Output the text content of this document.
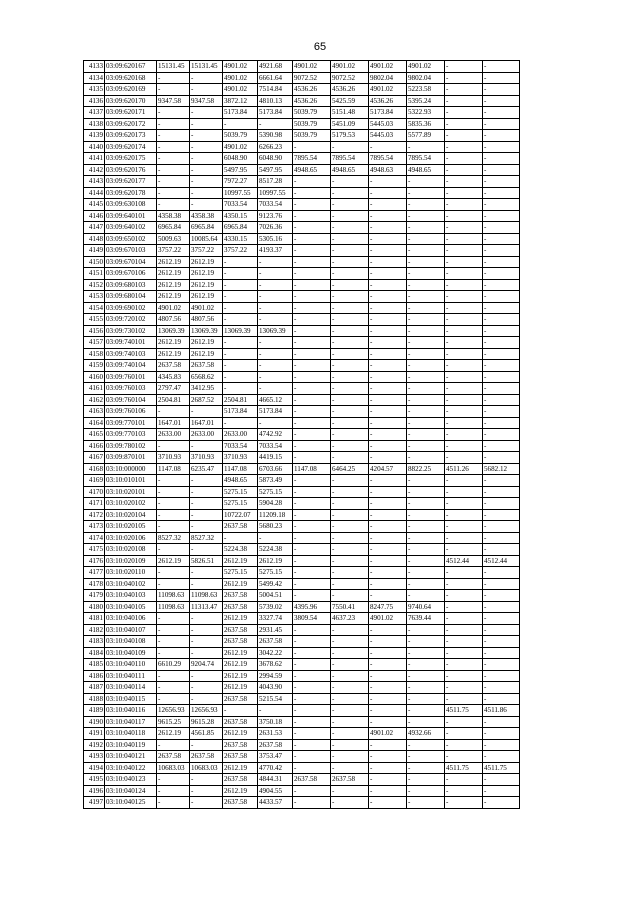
65
4133	03:09:620167	15131.45	15131.45	4901.02	4921.68	4901.02	4901.02	4901.02	4901.02	-	-
4134	03:09:620168	-	-	4901.02	6661.64	9072.52	9072.52	9802.04	9802.04	-	-
4135	03:09:620169	-	-	4901.02	7514.84	4536.26	4536.26	4901.02	5223.58	-	-
4136	03:09:620170	9347.58	9347.58	3872.12	4810.13	4536.26	5425.59	4536.26	5395.24	-	-
4137	03:09:620171	-	-	5173.84	5173.84	5039.79	5151.48	5173.84	5322.93	-	-
4138	03:09:620172	-	-	-	-	5039.79	5451.09	5445.03	5835.36	-	-
4139	03:09:620173	-	-	5039.79	5390.98	5039.79	5179.53	5445.03	5577.89	-	-
4140	03:09:620174	-	-	4901.02	6266.23	-	-	-	-	-	-
4141	03:09:620175	-	-	6048.90	6048.90	7895.54	7895.54	7895.54	7895.54	-	-
4142	03:09:620176	-	-	5497.95	5497.95	4948.65	4948.65	4948.63	4948.65	-	-
4143	03:09:620177	-	-	7972.27	8517.28	-	-	-	-	-	-
4144	03:09:620178	-	-	10997.55	10997.55	-	-	-	-	-	-
4145	03:09:630108	-	-	7033.54	7033.54	-	-	-	-	-	-
4146	03:09:640101	4358.38	4358.38	4350.15	9123.76	-	-	-	-	-	-
4147	03:09:640102	6965.84	6965.84	6965.84	7026.36	-	-	-	-	-	-
4148	03:09:650102	5009.63	10085.64	4330.15	5305.16	-	-	-	-	-	-
4149	03:09:670103	3757.22	3757.22	3757.22	4193.37	-	-	-	-	-	-
4150	03:09:670104	2612.19	2612.19	-	-	-	-	-	-	-	-
4151	03:09:670106	2612.19	2612.19	-	-	-	-	-	-	-	-
4152	03:09:680103	2612.19	2612.19	-	-	-	-	-	-	-	-
4153	03:09:680104	2612.19	2612.19	-	-	-	-	-	-	-	-
4154	03:09:690102	4901.02	4901.02	-	-	-	-	-	-	-	-
4155	03:09:720102	4807.56	4807.56	-	-	-	-	-	-	-	-
4156	03:09:730102	13069.39	13069.39	13069.39	13069.39	-	-	-	-	-	-
4157	03:09:740101	2612.19	2612.19	-	-	-	-	-	-	-	-
4158	03:09:740103	2612.19	2612.19	-	-	-	-	-	-	-	-
4159	03:09:740104	2637.58	2637.58	-	-	-	-	-	-	-	-
4160	03:09:760101	4345.83	6568.62	-	-	-	-	-	-	-	-
4161	03:09:760103	2797.47	3412.95	-	-	-	-	-	-	-	-
4162	03:09:760104	2504.81	2687.52	2504.81	4665.12	-	-	-	-	-	-
4163	03:09:760106	-	-	5173.84	5173.84	-	-	-	-	-	-
4164	03:09:770101	1647.01	1647.01	-	-	-	-	-	-	-	-
4165	03:09:770103	2633.00	2633.00	2633.00	4742.92	-	-	-	-	-	-
4166	03:09:780102	-	-	7033.54	7033.54	-	-	-	-	-	-
4167	03:09:870101	3710.93	3710.93	3710.93	4419.15	-	-	-	-	-	-
4168	03:10:000000	1147.08	6235.47	1147.08	6703.66	1147.08	6464.25	4204.57	8822.25	4511.26	5682.12
4169	03:10:010101	-	-	4948.65	5873.49	-	-	-	-	-	-
4170	03:10:020101	-	-	5275.15	5275.15	-	-	-	-	-	-
4171	03:10:020102	-	-	5275.15	5904.28	-	-	-	-	-	-
4172	03:10:020104	-	-	10722.07	11209.18	-	-	-	-	-	-
4173	03:10:020105	-	-	2637.58	5680.23	-	-	-	-	-	-
4174	03:10:020106	8527.32	8527.32	-	-	-	-	-	-	-	-
4175	03:10:020108	-	-	5224.38	5224.38	-	-	-	-	-	-
4176	03:10:020109	2612.19	5826.51	2612.19	2612.19	-	-	-	-	4512.44	4512.44
4177	03:10:020110	-	-	5275.15	5275.15	-	-	-	-	-	-
4178	03:10:040102	-	-	2612.19	5499.42	-	-	-	-	-	-
4179	03:10:040103	11098.63	11098.63	2637.58	5004.51	-	-	-	-	-	-
4180	03:10:040105	11098.63	11313.47	2637.58	5739.02	4395.96	7550.41	8247.75	9740.64	-	-
4181	03:10:040106	-	-	2612.19	3327.74	3809.54	4637.23	4901.02	7639.44	-	-
4182	03:10:040107	-	-	2637.58	2931.45	-	-	-	-	-	-
4183	03:10:040108	-	-	2637.58	2637.58	-	-	-	-	-	-
4184	03:10:040109	-	-	2612.19	3042.22	-	-	-	-	-	-
4185	03:10:040110	6610.29	9204.74	2612.19	3678.62	-	-	-	-	-	-
4186	03:10:040111	-	-	2612.19	2994.59	-	-	-	-	-	-
4187	03:10:040114	-	-	2612.19	4043.90	-	-	-	-	-	-
4188	03:10:040115	-	-	2637.58	5215.54	-	-	-	-	-	-
4189	03:10:040116	12656.93	12656.93	-	-	-	-	-	-	4511.75	4511.86
4190	03:10:040117	9615.25	9615.28	2637.58	3750.18	-	-	-	-	-	-
4191	03:10:040118	2612.19	4561.85	2612.19	2631.53	-	-	4901.02	4932.66	-	-
4192	03:10:040119	-	-	2637.58	2637.58	-	-	-	-	-	-
4193	03:10:040121	2637.58	2637.58	2637.58	3753.47	-	-	-	-	-	-
4194	03:10:040122	10683.03	10683.03	2612.19	4770.42	-	-	-	-	4511.75	4511.75
4195	03:10:040123	-	-	2637.58	4844.31	2637.58	2637.58	-	-	-	-
4196	03:10:040124	-	-	2612.19	4904.55	-	-	-	-	-	-
4197	03:10:040125	-	-	2637.58	4433.57	-	-	-	-	-	-
